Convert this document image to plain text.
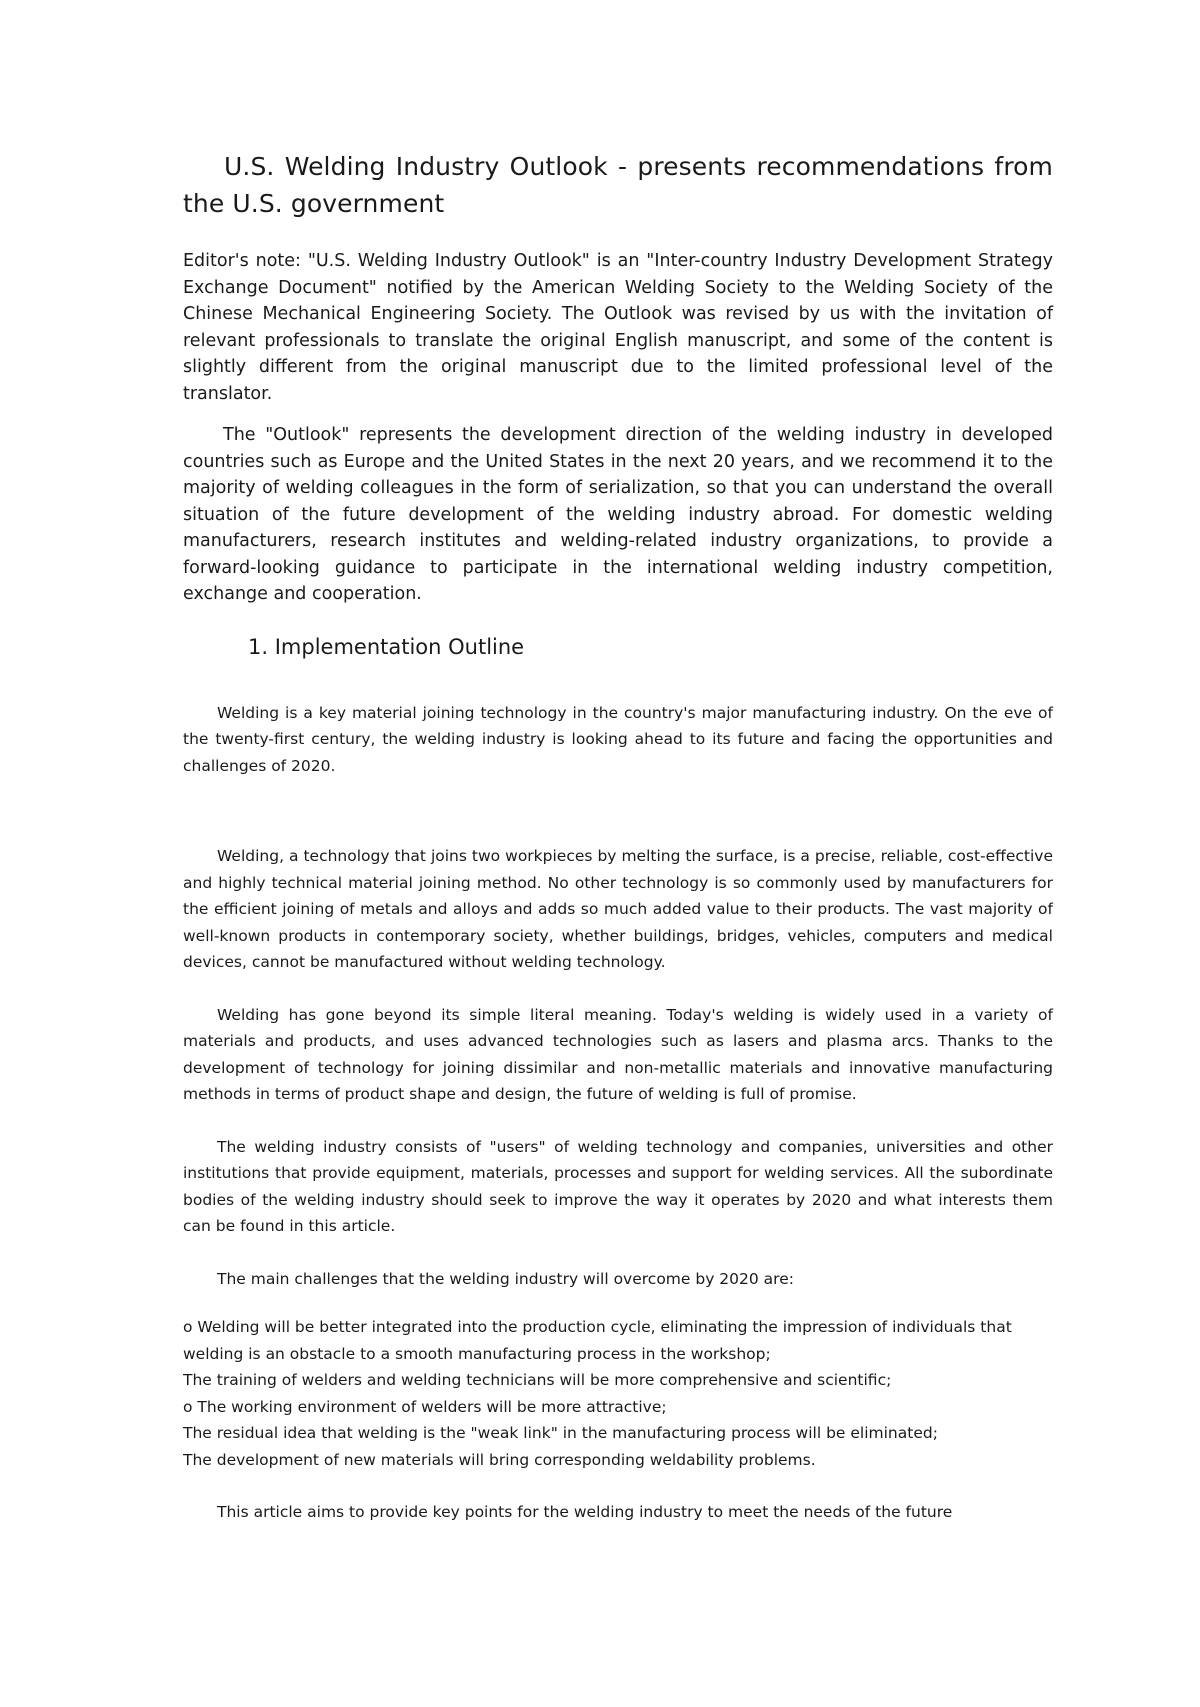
U.S. Welding Industry Outlook - presents recommendations from the U.S. government

Editor's note: "U.S. Welding Industry Outlook" is an "Inter-country Industry Development Strategy Exchange Document" notified by the American Welding Society to the Welding Society of the Chinese Mechanical Engineering Society. The Outlook was revised by us with the invitation of relevant professionals to translate the original English manuscript, and some of the content is slightly different from the original manuscript due to the limited professional level of the translator.

The "Outlook" represents the development direction of the welding industry in developed countries such as Europe and the United States in the next 20 years, and we recommend it to the majority of welding colleagues in the form of serialization, so that you can understand the overall situation of the future development of the welding industry abroad. For domestic welding manufacturers, research institutes and welding-related industry organizations, to provide a forward-looking guidance to participate in the international welding industry competition, exchange and cooperation.

1. Implementation Outline

Welding is a key material joining technology in the country's major manufacturing industry. On the eve of the twenty-first century, the welding industry is looking ahead to its future and facing the opportunities and challenges of 2020.

Welding, a technology that joins two workpieces by melting the surface, is a precise, reliable, cost-effective and highly technical material joining method. No other technology is so commonly used by manufacturers for the efficient joining of metals and alloys and adds so much added value to their products. The vast majority of well-known products in contemporary society, whether buildings, bridges, vehicles, computers and medical devices, cannot be manufactured without welding technology.

Welding has gone beyond its simple literal meaning. Today's welding is widely used in a variety of materials and products, and uses advanced technologies such as lasers and plasma arcs. Thanks to the development of technology for joining dissimilar and non-metallic materials and innovative manufacturing methods in terms of product shape and design, the future of welding is full of promise.

The welding industry consists of "users" of welding technology and companies, universities and other institutions that provide equipment, materials, processes and support for welding services. All the subordinate bodies of the welding industry should seek to improve the way it operates by 2020 and what interests them can be found in this article.

The main challenges that the welding industry will overcome by 2020 are:

o Welding will be better integrated into the production cycle, eliminating the impression of individuals that welding is an obstacle to a smooth manufacturing process in the workshop;
The training of welders and welding technicians will be more comprehensive and scientific;
o The working environment of welders will be more attractive;
The residual idea that welding is the "weak link" in the manufacturing process will be eliminated;
The development of new materials will bring corresponding weldability problems.

This article aims to provide key points for the welding industry to meet the needs of the future
